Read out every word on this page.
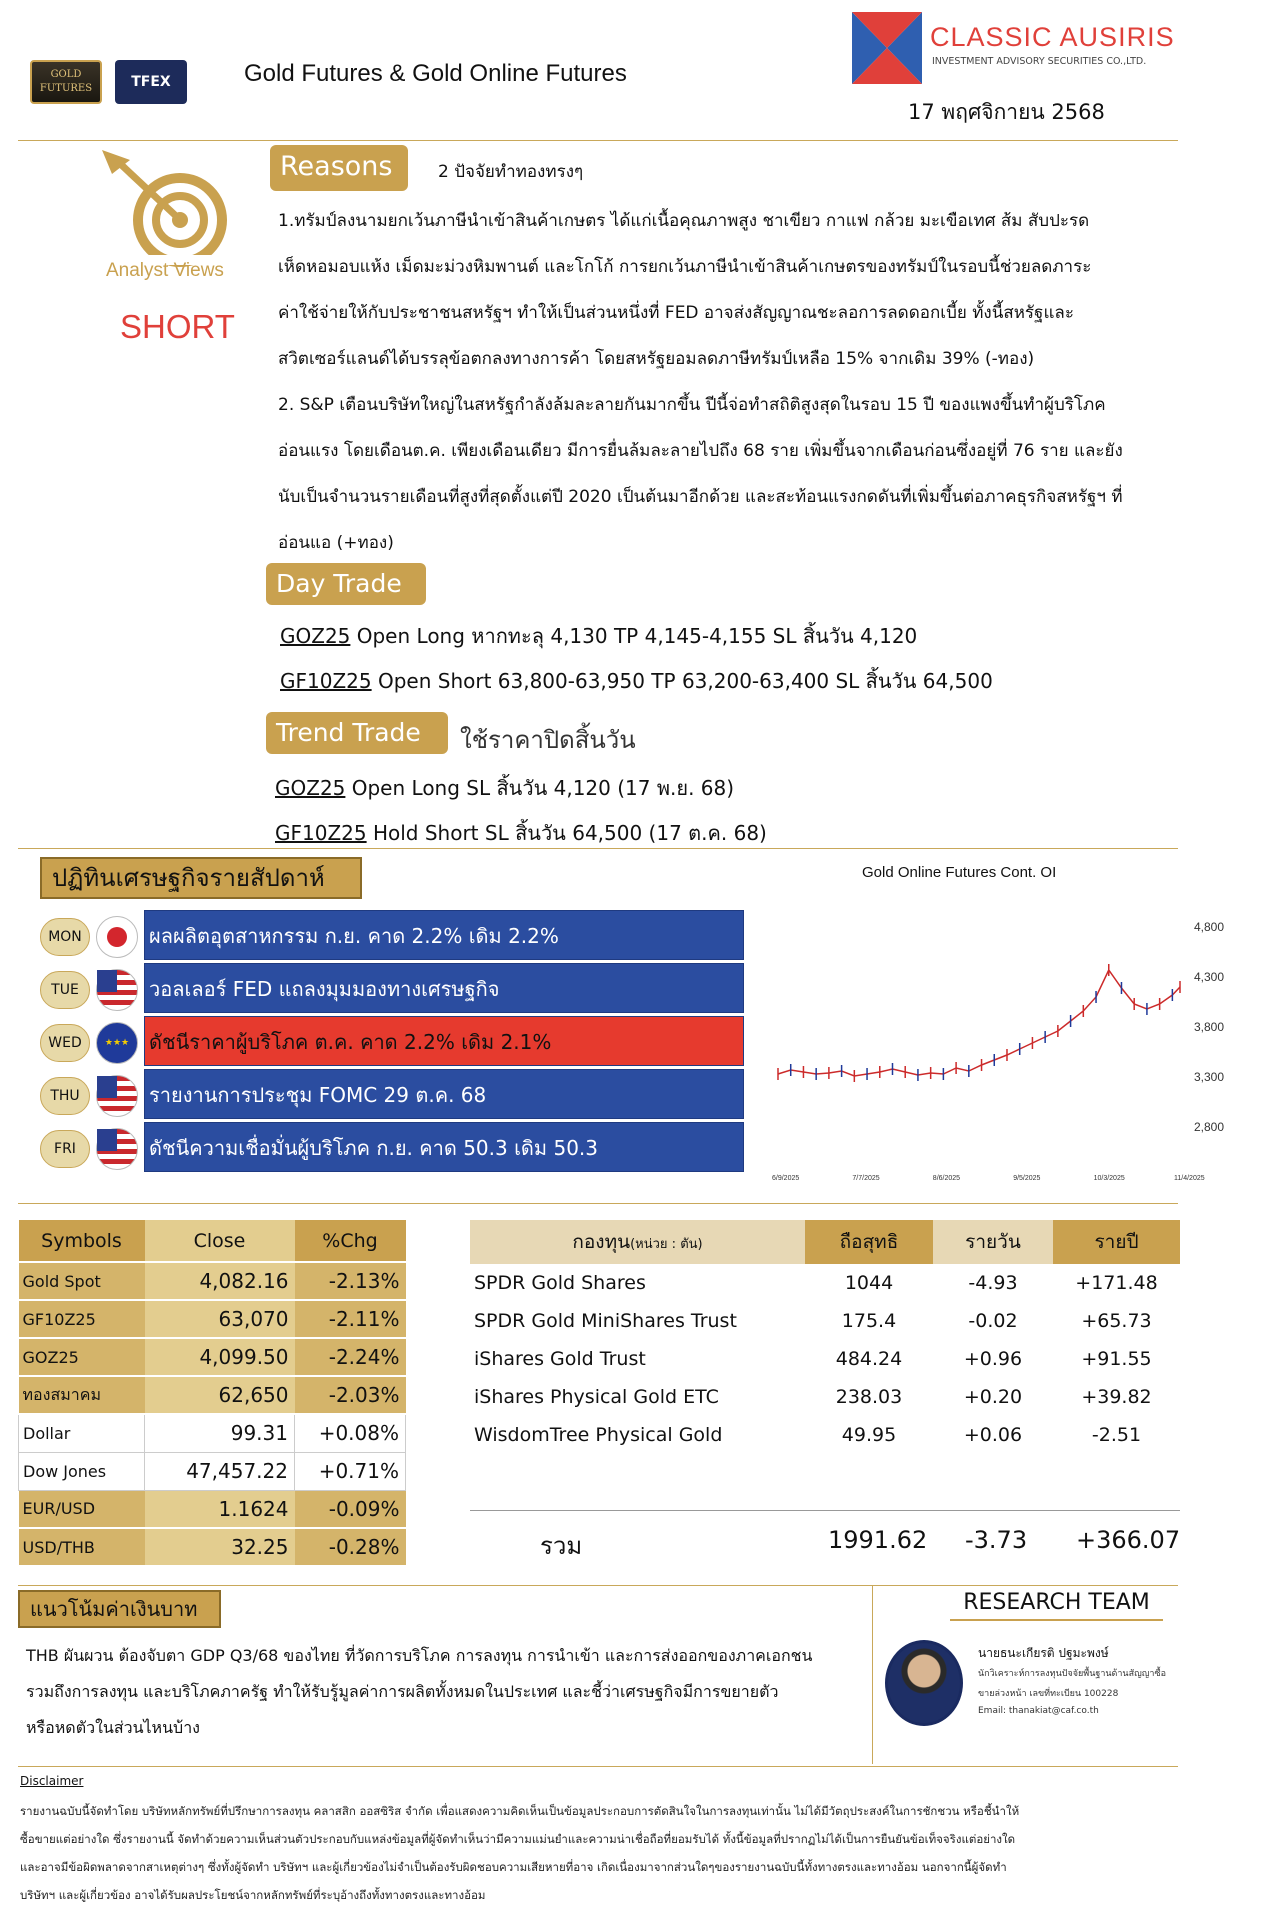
GOLD FUTURES	TFEX	Gold Futures & Gold Online Futures
CLASSIC AUSIRIS
INVESTMENT ADVISORY SECURITIES CO.,LTD.
17 พฤศจิกายน 2568
Analyst Views
SHORT
Reasons	2 ปัจจัยทำทองทรงๆ
1.ทรัมป์ลงนามยกเว้นภาษีนำเข้าสินค้าเกษตร ได้แก่เนื้อคุณภาพสูง ชาเขียว กาแฟ กล้วย มะเขือเทศ ส้ม สับปะรด
เห็ดหอมอบแห้ง เม็ดมะม่วงหิมพานต์ และโกโก้ การยกเว้นภาษีนำเข้าสินค้าเกษตรของทรัมป์ในรอบนี้ช่วยลดภาระ
ค่าใช้จ่ายให้กับประชาชนสหรัฐฯ ทำให้เป็นส่วนหนึ่งที่ FED อาจส่งสัญญาณชะลอการลดดอกเบี้ย ทั้งนี้สหรัฐและ
สวิตเซอร์แลนด์ได้บรรลุข้อตกลงทางการค้า โดยสหรัฐยอมลดภาษีทรัมป์เหลือ 15% จากเดิม 39% (-ทอง)
2. S&P เตือนบริษัทใหญ่ในสหรัฐกำลังล้มละลายกันมากขึ้น ปีนี้จ่อทำสถิติสูงสุดในรอบ 15 ปี ของแพงขึ้นทำผู้บริโภค
อ่อนแรง โดยเดือนต.ค. เพียงเดือนเดียว มีการยื่นล้มละลายไปถึง 68 ราย เพิ่มขึ้นจากเดือนก่อนซึ่งอยู่ที่ 76 ราย และยัง
นับเป็นจำนวนรายเดือนที่สูงที่สุดตั้งแต่ปี 2020 เป็นต้นมาอีกด้วย และสะท้อนแรงกดดันที่เพิ่มขึ้นต่อภาคธุรกิจสหรัฐฯ ที่
อ่อนแอ (+ทอง)
Day Trade
GOZ25 Open Long หากทะลุ 4,130 TP 4,145-4,155 SL สิ้นวัน 4,120
GF10Z25 Open Short 63,800-63,950 TP 63,200-63,400 SL สิ้นวัน 64,500
Trend Trade	ใช้ราคาปิดสิ้นวัน
GOZ25 Open Long SL สิ้นวัน 4,120 (17 พ.ย. 68)
GF10Z25 Hold Short SL สิ้นวัน 64,500 (17 ต.ค. 68)
ปฏิทินเศรษฐกิจรายสัปดาห์
MON	ผลผลิตอุตสาหกรรม ก.ย. คาด 2.2% เดิม 2.2%
TUE	วอลเลอร์ FED แถลงมุมมองทางเศรษฐกิจ
WED	★★★ ดัชนีราคาผู้บริโภค ต.ค. คาด 2.2% เดิม 2.1%
THU	รายงานการประชุม FOMC 29 ต.ค. 68
FRI	ดัชนีความเชื่อมั่นผู้บริโภค ก.ย. คาด 50.3 เดิม 50.3
Gold Online Futures Cont. OI
4,800
4,300
3,800
3,300
2,800
6/9/2025	7/7/2025	8/6/2025	9/5/2025	10/3/2025	11/4/2025
Symbols	Close	%Chg
Gold Spot	4,082.16	-2.13%
GF10Z25	63,070	-2.11%
GOZ25	4,099.50	-2.24%
ทองสมาคม	62,650	-2.03%
Dollar	99.31	+0.08%
Dow Jones	47,457.22	+0.71%
EUR/USD	1.1624	-0.09%
USD/THB	32.25	-0.28%
กองทุน(หน่วย : ตัน)	ถือสุทธิ	รายวัน	รายปี
SPDR Gold Shares	1044	-4.93	+171.48
SPDR Gold MiniShares Trust	175.4	-0.02	+65.73
iShares Gold Trust	484.24	+0.96	+91.55
iShares Physical Gold ETC	238.03	+0.20	+39.82
WisdomTree Physical Gold	49.95	+0.06	-2.51
รวม	1991.62 -3.73 +366.07
แนวโน้มค่าเงินบาท
THB ผันผวน ต้องจับตา GDP Q3/68 ของไทย ที่วัดการบริโภค การลงทุน การนำเข้า และการส่งออกของภาคเอกชน
รวมถึงการลงทุน และบริโภคภาครัฐ ทำให้รับรู้มูลค่าการผลิตทั้งหมดในประเทศ และชี้ว่าเศรษฐกิจมีการขยายตัว
หรือหดตัวในส่วนไหนบ้าง
RESEARCH TEAM
นายธนะเกียรติ ปฐมะพงษ์
นักวิเคราะห์การลงทุนปัจจัยพื้นฐานด้านสัญญาซื้อ
ขายล่วงหน้า เลขที่ทะเบียน 100228
Email: thanakiat@caf.co.th
Disclaimer
รายงานฉบับนี้จัดทำโดย บริษัทหลักทรัพย์ที่ปรึกษาการลงทุน คลาสสิก ออสซิริส จำกัด เพื่อแสดงความคิดเห็นเป็นข้อมูลประกอบการตัดสินใจในการลงทุนเท่านั้น ไม่ได้มีวัตถุประสงค์ในการชักชวน หรือชี้นำให้
ซื้อขายแต่อย่างใด ซึ่งรายงานนี้ จัดทำด้วยความเห็นส่วนตัวประกอบกับแหล่งข้อมูลที่ผู้จัดทำเห็นว่ามีความแม่นยำและความน่าเชื่อถือที่ยอมรับได้ ทั้งนี้ข้อมูลที่ปรากฏไม่ได้เป็นการยืนยันข้อเท็จจริงแต่อย่างใด
และอาจมีข้อผิดพลาดจากสาเหตุต่างๆ ซึ่งทั้งผู้จัดทำ บริษัทฯ และผู้เกี่ยวข้องไม่จำเป็นต้องรับผิดชอบความเสียหายที่อาจ เกิดเนื่องมาจากส่วนใดๆของรายงานฉบับนี้ทั้งทางตรงและทางอ้อม นอกจากนี้ผู้จัดทำ
บริษัทฯ และผู้เกี่ยวข้อง อาจได้รับผลประโยชน์จากหลักทรัพย์ที่ระบุอ้างถึงทั้งทางตรงและทางอ้อม
